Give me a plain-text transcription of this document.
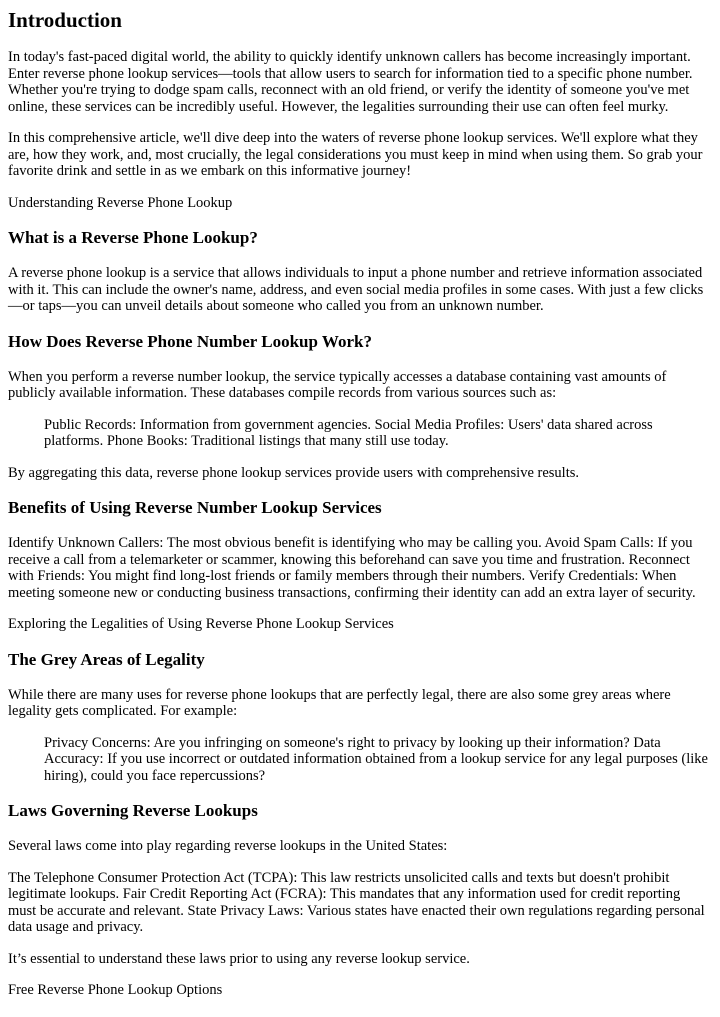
Introduction

In today's fast-paced digital world, the ability to quickly identify unknown callers has become increasingly important. Enter reverse phone lookup services—tools that allow users to search for information tied to a specific phone number. Whether you're trying to dodge spam calls, reconnect with an old friend, or verify the identity of someone you've met online, these services can be incredibly useful. However, the legalities surrounding their use can often feel murky.

In this comprehensive article, we'll dive deep into the waters of reverse phone lookup services. We'll explore what they are, how they work, and, most crucially, the legal considerations you must keep in mind when using them. So grab your favorite drink and settle in as we embark on this informative journey!

Understanding Reverse Phone Lookup

What is a Reverse Phone Lookup?

A reverse phone lookup is a service that allows individuals to input a phone number and retrieve information associated with it. This can include the owner's name, address, and even social media profiles in some cases. With just a few clicks—or taps—you can unveil details about someone who called you from an unknown number.

How Does Reverse Phone Number Lookup Work?

When you perform a reverse number lookup, the service typically accesses a database containing vast amounts of publicly available information. These databases compile records from various sources such as:

Public Records: Information from government agencies. Social Media Profiles: Users' data shared across platforms. Phone Books: Traditional listings that many still use today.

By aggregating this data, reverse phone lookup services provide users with comprehensive results.

Benefits of Using Reverse Number Lookup Services

Identify Unknown Callers: The most obvious benefit is identifying who may be calling you. Avoid Spam Calls: If you receive a call from a telemarketer or scammer, knowing this beforehand can save you time and frustration. Reconnect with Friends: You might find long-lost friends or family members through their numbers. Verify Credentials: When meeting someone new or conducting business transactions, confirming their identity can add an extra layer of security.

Exploring the Legalities of Using Reverse Phone Lookup Services

The Grey Areas of Legality

While there are many uses for reverse phone lookups that are perfectly legal, there are also some grey areas where legality gets complicated. For example:

Privacy Concerns: Are you infringing on someone's right to privacy by looking up their information? Data Accuracy: If you use incorrect or outdated information obtained from a lookup service for any legal purposes (like hiring), could you face repercussions?
Laws Governing Reverse Lookups

Several laws come into play regarding reverse lookups in the United States:

The Telephone Consumer Protection Act (TCPA): This law restricts unsolicited calls and texts but doesn't prohibit legitimate lookups. Fair Credit Reporting Act (FCRA): This mandates that any information used for credit reporting must be accurate and relevant. State Privacy Laws: Various states have enacted their own regulations regarding personal data usage and privacy.

It’s essential to understand these laws prior to using any reverse lookup service.

Free Reverse Phone Lookup Options
